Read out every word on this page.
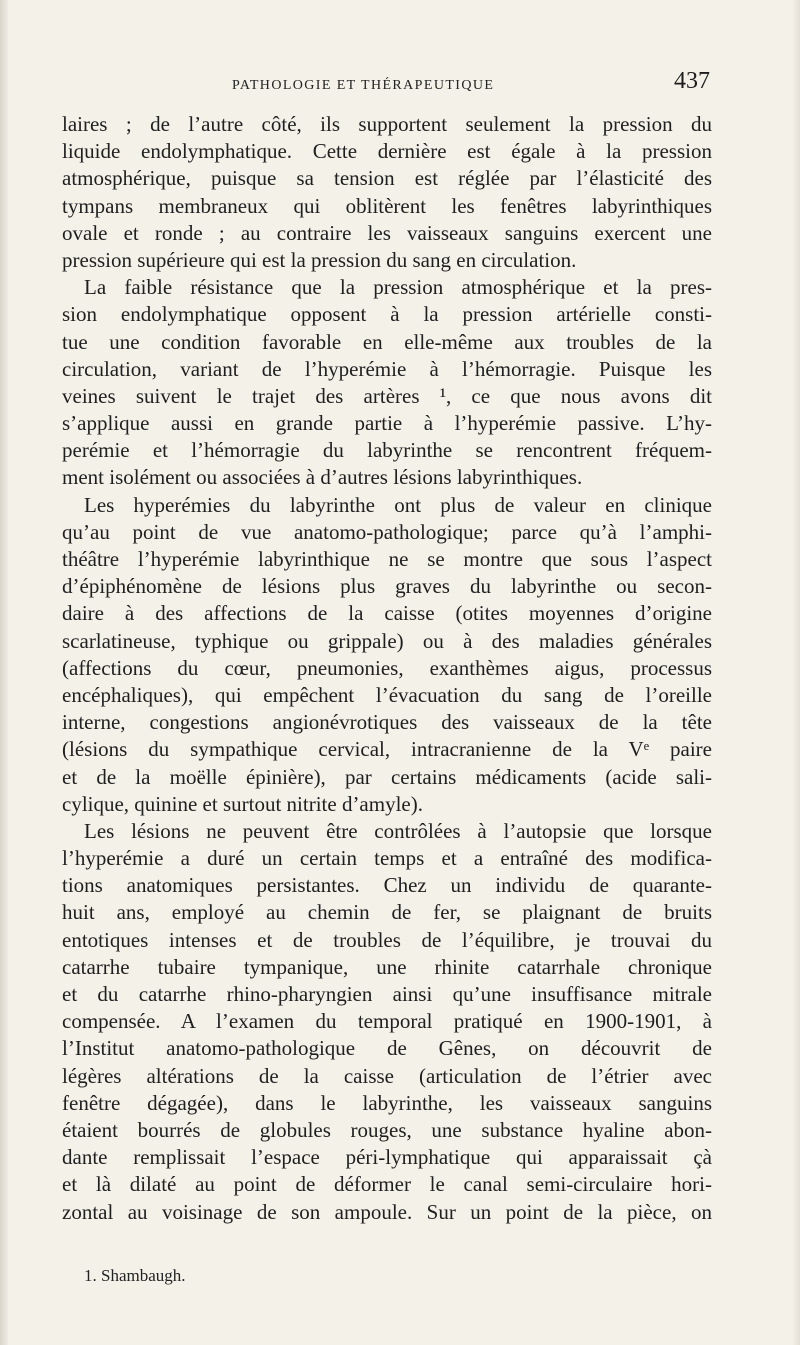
PATHOLOGIE ET THÉRAPEUTIQUE	437
laires ; de l’autre côté, ils supportent seulement la pression du
liquide endolymphatique. Cette dernière est égale à la pression
atmosphérique, puisque sa tension est réglée par l’élasticité des
tympans membraneux qui oblitèrent les fenêtres labyrinthiques
ovale et ronde ; au contraire les vaisseaux sanguins exercent une
pression supérieure qui est la pression du sang en circulation.
La faible résistance que la pression atmosphérique et la pres-
sion endolymphatique opposent à la pression artérielle consti-
tue une condition favorable en elle-même aux troubles de la
circulation, variant de l’hyperémie à l’hémorragie. Puisque les
veines suivent le trajet des artères ¹, ce que nous avons dit
s’applique aussi en grande partie à l’hyperémie passive. L’hy-
perémie et l’hémorragie du labyrinthe se rencontrent fréquem-
ment isolément ou associées à d’autres lésions labyrinthiques.
Les hyperémies du labyrinthe ont plus de valeur en clinique
qu’au point de vue anatomo-pathologique; parce qu’à l’amphi-
théâtre l’hyperémie labyrinthique ne se montre que sous l’aspect
d’épiphénomène de lésions plus graves du labyrinthe ou secon-
daire à des affections de la caisse (otites moyennes d’origine
scarlatineuse, typhique ou grippale) ou à des maladies générales
(affections du cœur, pneumonies, exanthèmes aigus, processus
encéphaliques), qui empêchent l’évacuation du sang de l’oreille
interne, congestions angionévrotiques des vaisseaux de la tête
(lésions du sympathique cervical, intracranienne de la Vᵉ paire
et de la moëlle épinière), par certains médicaments (acide sali-
cylique, quinine et surtout nitrite d’amyle).
Les lésions ne peuvent être contrôlées à l’autopsie que lorsque
l’hyperémie a duré un certain temps et a entraîné des modifica-
tions anatomiques persistantes. Chez un individu de quarante-
huit ans, employé au chemin de fer, se plaignant de bruits
entotiques intenses et de troubles de l’équilibre, je trouvai du
catarrhe tubaire tympanique, une rhinite catarrhale chronique
et du catarrhe rhino-pharyngien ainsi qu’une insuffisance mitrale
compensée. A l’examen du temporal pratiqué en 1900-1901, à
l’Institut anatomo-pathologique de Gênes, on découvrit de
légères altérations de la caisse (articulation de l’étrier avec
fenêtre dégagée), dans le labyrinthe, les vaisseaux sanguins
étaient bourrés de globules rouges, une substance hyaline abon-
dante remplissait l’espace péri-lymphatique qui apparaissait çà
et là dilaté au point de déformer le canal semi-circulaire hori-
zontal au voisinage de son ampoule. Sur un point de la pièce, on
1. Shambaugh.
